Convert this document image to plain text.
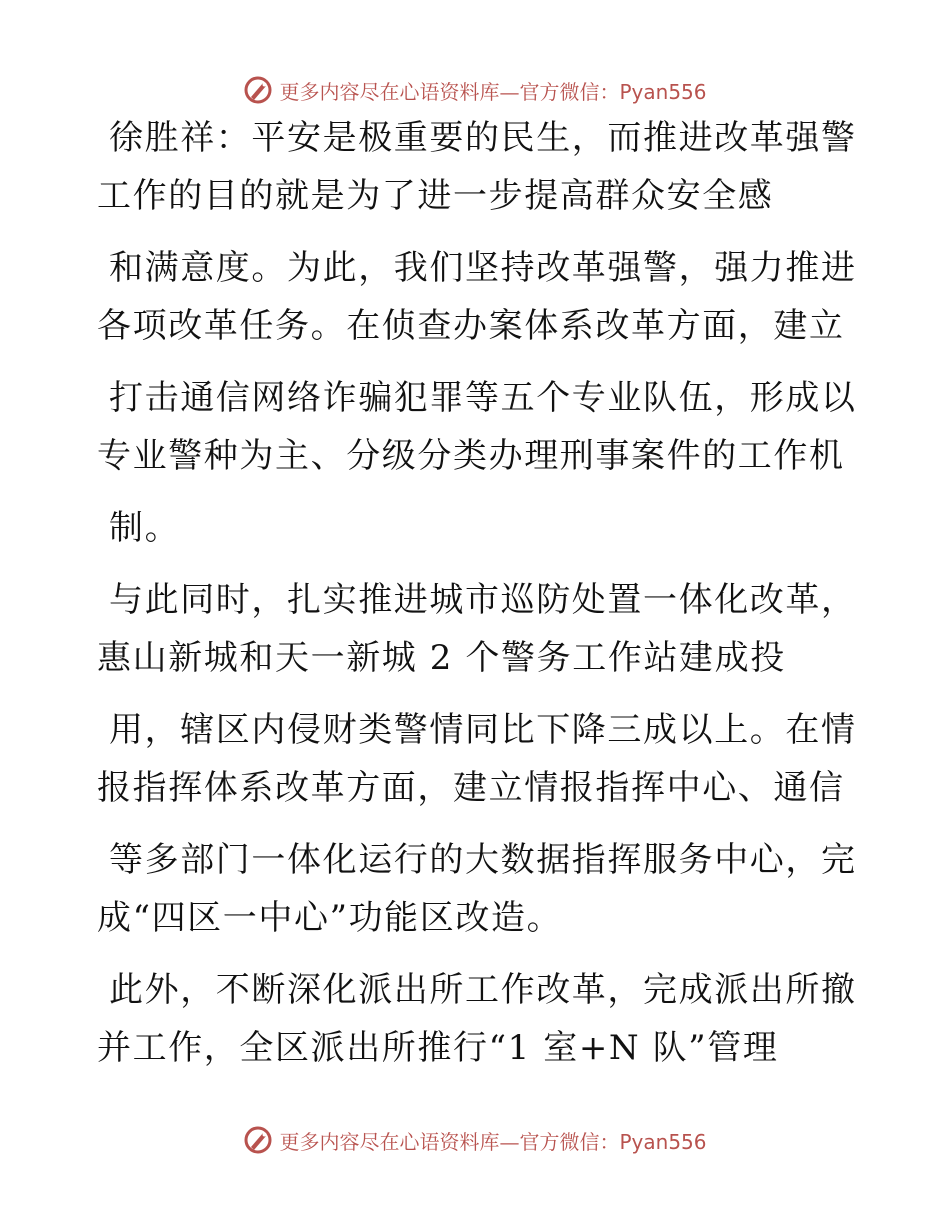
更多内容尽在心语资料库—官方微信：Pyan556
徐胜祥：平安是极重要的民生，而推进改革强警
工作的目的就是为了进一步提高群众安全感
和满意度。为此，我们坚持改革强警，强力推进
各项改革任务。在侦查办案体系改革方面，建立
打击通信网络诈骗犯罪等五个专业队伍，形成以
专业警种为主、分级分类办理刑事案件的工作机
制。
与此同时，扎实推进城市巡防处置一体化改革，
惠山新城和天一新城 2 个警务工作站建成投
用，辖区内侵财类警情同比下降三成以上。在情
报指挥体系改革方面，建立情报指挥中心、通信
等多部门一体化运行的大数据指挥服务中心，完
成“四区一中心”功能区改造。
此外，不断深化派出所工作改革，完成派出所撤
并工作，全区派出所推行“1 室+N 队”管理
更多内容尽在心语资料库—官方微信：Pyan556
